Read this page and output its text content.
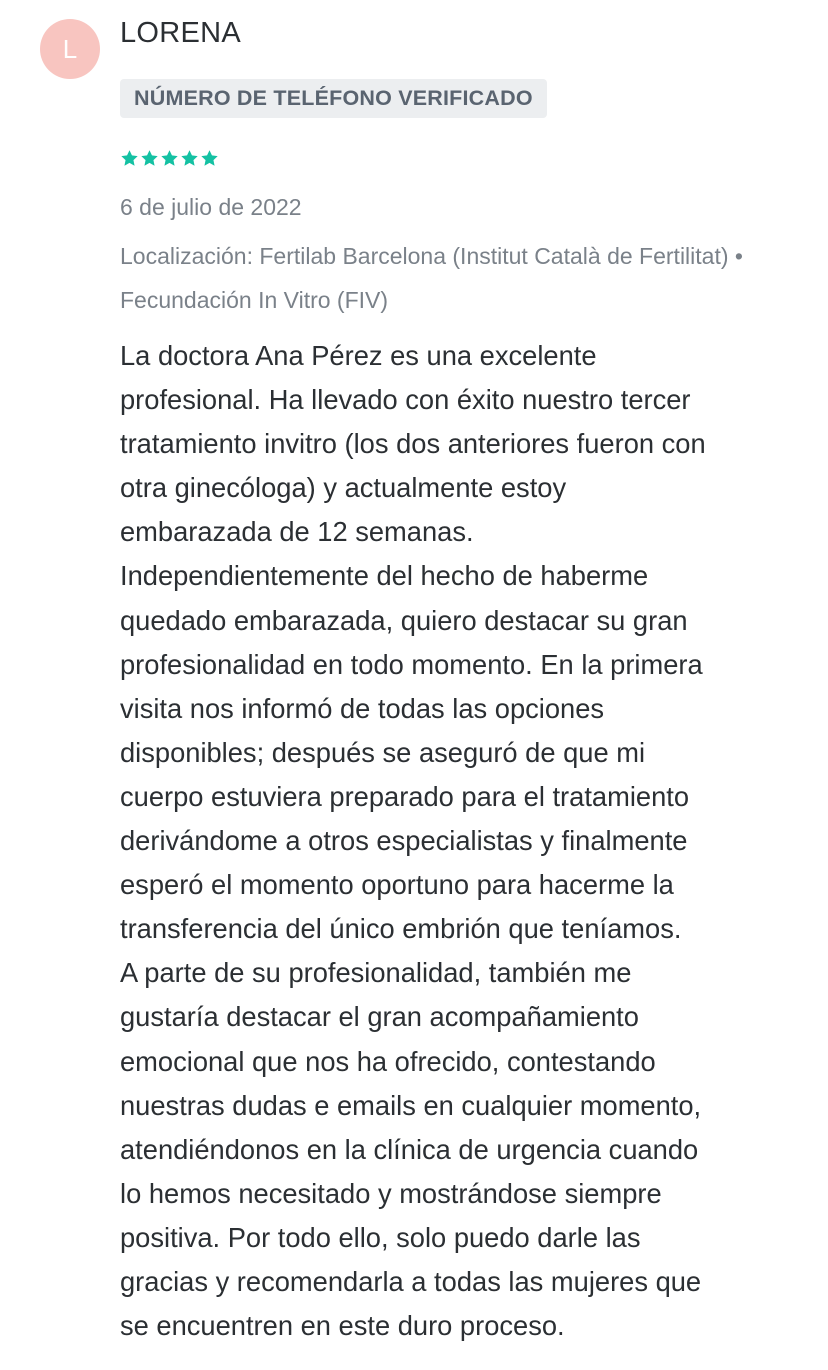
L	LORENA
NÚMERO DE TELÉFONO VERIFICADO
6 de julio de 2022
Localización: Fertilab Barcelona (Institut Català de Fertilitat) • Fecundación In Vitro (FIV)
La doctora Ana Pérez es una excelente
profesional. Ha llevado con éxito nuestro tercer
tratamiento invitro (los dos anteriores fueron con
otra ginecóloga) y actualmente estoy
embarazada de 12 semanas.
Independientemente del hecho de haberme
quedado embarazada, quiero destacar su gran
profesionalidad en todo momento. En la primera
visita nos informó de todas las opciones
disponibles; después se aseguró de que mi
cuerpo estuviera preparado para el tratamiento
derivándome a otros especialistas y finalmente
esperó el momento oportuno para hacerme la
transferencia del único embrión que teníamos.
A parte de su profesionalidad, también me
gustaría destacar el gran acompañamiento
emocional que nos ha ofrecido, contestando
nuestras dudas e emails en cualquier momento,
atendiéndonos en la clínica de urgencia cuando
lo hemos necesitado y mostrándose siempre
positiva. Por todo ello, solo puedo darle las
gracias y recomendarla a todas las mujeres que
se encuentren en este duro proceso.
